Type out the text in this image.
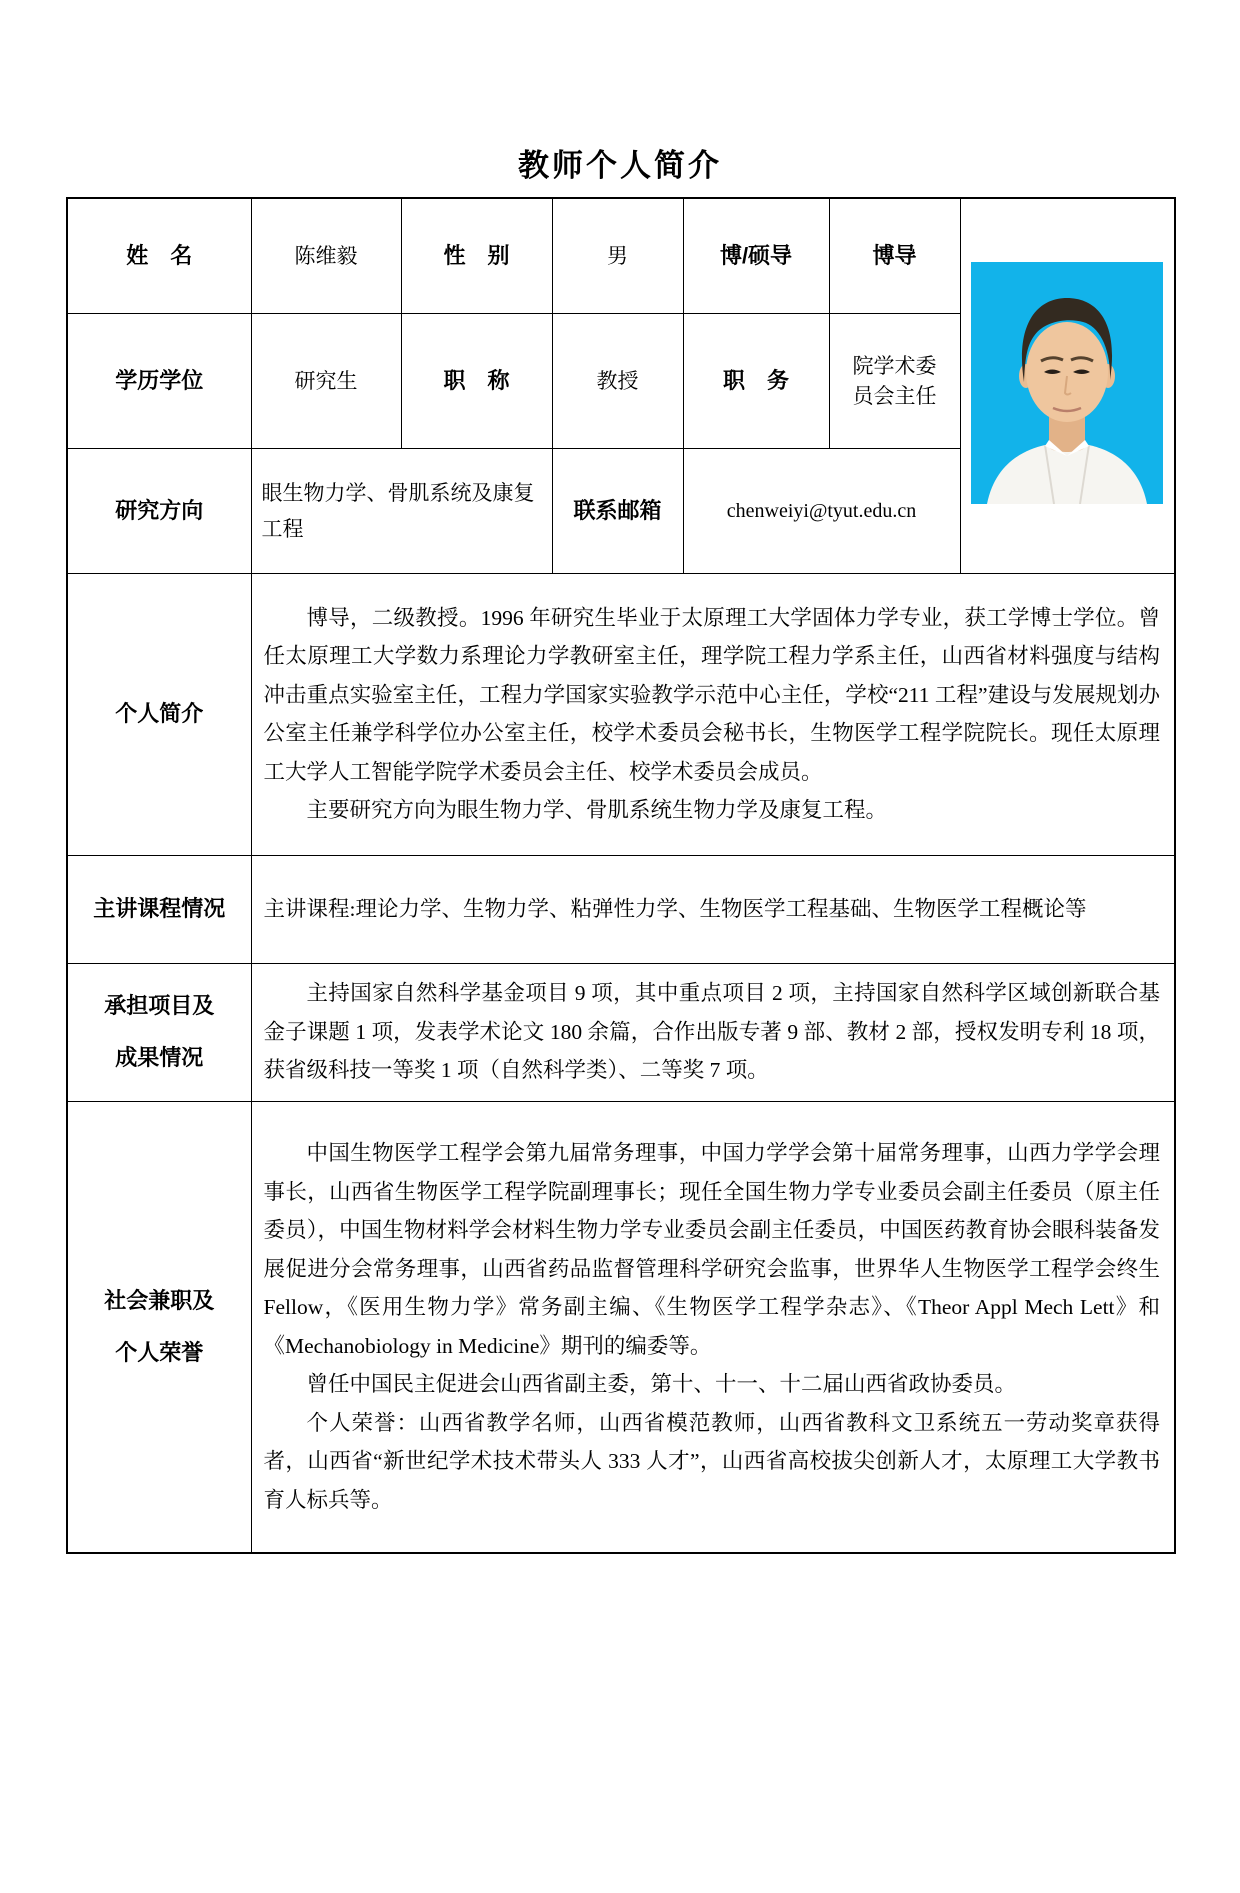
教师个人简介
姓　名	陈维毅	性　别	男	博/硕导	博导	
学历学位	研究生	职　称	教授	职　务	院学术委员会主任	
研究方向	眼生物力学、骨肌系统及康复工程		联系邮箱	chenweiyi@tyut.edu.cn		
个人简介	博导，二级教授。1996 年研究生毕业于太原理工大学固体力学专业，获工学博士学位。曾任太原理工大学数力系理论力学教研室主任，理学院工程力学系主任，山西省材料强度与结构冲击重点实验室主任，工程力学国家实验教学示范中心主任，学校“211 工程”建设与发展规划办公室主任兼学科学位办公室主任，校学术委员会秘书长，生物医学工程学院院长。现任太原理工大学人工智能学院学术委员会主任、校学术委员会成员。

主要研究方向为眼生物力学、骨肌系统生物力学及康复工程。					

主讲课程情况	主讲课程:理论力学、生物力学、粘弹性力学、生物医学工程基础、生物医学工程概论等					

承担项目及
成果情况	主持国家自然科学基金项目 9 项，其中重点项目 2 项，主持国家自然科学区域创新联合基金子课题 1 项，发表学术论文 180 余篇，合作出版专著 9 部、教材 2 部，授权发明专利 18 项，获省级科技一等奖 1 项（自然科学类）、二等奖 7 项。					

社会兼职及
个人荣誉

中国生物医学工程学会第九届常务理事，中国力学学会第十届常务理事，山西力学学会理事长，山西省生物医学工程学院副理事长；现任全国生物力学专业委员会副主任委员（原主任委员），中国生物材料学会材料生物力学专业委员会副主任委员，中国医药教育协会眼科装备发展促进分会常务理事，山西省药品监督管理科学研究会监事，世界华人生物医学工程学会终生 Fellow，《医用生物力学》常务副主编、《生物医学工程学杂志》、《Theor Appl Mech Lett》和《Mechanobiology in Medicine》期刊的编委等。

曾任中国民主促进会山西省副主委，第十、十一、十二届山西省政协委员。

个人荣誉：山西省教学名师，山西省模范教师，山西省教科文卫系统五一劳动奖章获得者，山西省“新世纪学术技术带头人 333 人才”，山西省高校拔尖创新人才，太原理工大学教书育人标兵等。
